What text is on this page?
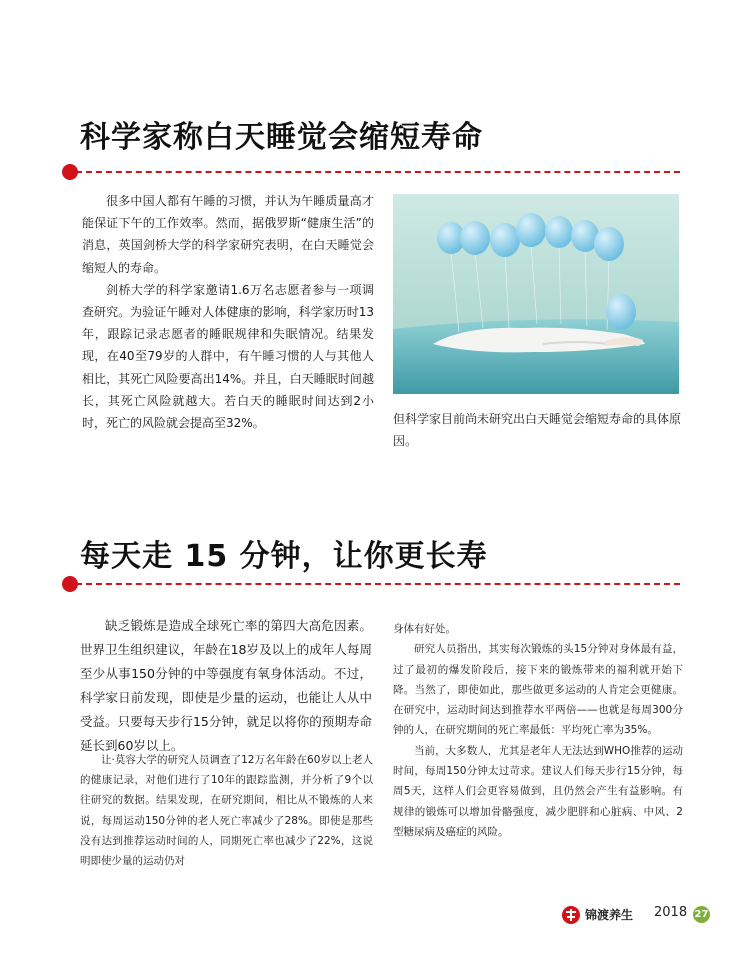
科学家称白天睡觉会缩短寿命

很多中国人都有午睡的习惯，并认为午睡质量高才能保证下午的工作效率。然而，据俄罗斯“健康生活”的消息，英国剑桥大学的科学家研究表明，在白天睡觉会缩短人的寿命。

剑桥大学的科学家邀请1.6万名志愿者参与一项调查研究。为验证午睡对人体健康的影响，科学家历时13年，跟踪记录志愿者的睡眠规律和失眠情况。结果发现，在40至79岁的人群中，有午睡习惯的人与其他人相比，其死亡风险要高出14%。并且，白天睡眠时间越长，其死亡风险就越大。若白天的睡眠时间达到2小时，死亡的风险就会提高至32%。	但科学家目前尚未研究出白天睡觉会缩短寿命的具体原因。

每天走 15 分钟，让你更长寿

缺乏锻炼是造成全球死亡率的第四大高危因素。世界卫生组织建议，年龄在18岁及以上的成年人每周至少从事150分钟的中等强度有氧身体活动。不过，科学家日前发现，即使是少量的运动，也能让人从中受益。只要每天步行15分钟，就足以将你的预期寿命延长到60岁以上。

让·莫容大学的研究人员调查了12万名年龄在60岁以上老人的健康记录，对他们进行了10年的跟踪监测，并分析了9个以往研究的数据。结果发现，在研究期间，相比从不锻炼的人来说，每周运动150分钟的老人死亡率减少了28%。即使是那些没有达到推荐运动时间的人，同期死亡率也减少了22%，这说明即使少量的运动仍对

身体有好处。

研究人员指出，其实每次锻炼的头15分钟对身体最有益，过了最初的爆发阶段后，接下来的锻炼带来的福利就开始下降。当然了，即使如此，那些做更多运动的人肯定会更健康。在研究中，运动时间达到推荐水平两倍——也就是每周300分钟的人，在研究期间的死亡率最低：平均死亡率为35%。

当前，大多数人，尤其是老年人无法达到WHO推荐的运动时间，每周150分钟太过苛求。建议人们每天步行15分钟，每周5天，这样人们会更容易做到，且仍然会产生有益影响。有规律的锻炼可以增加骨骼强度，减少肥胖和心脏病、中风、2型糖尿病及癌症的风险。

锦渡养生 2018 27
